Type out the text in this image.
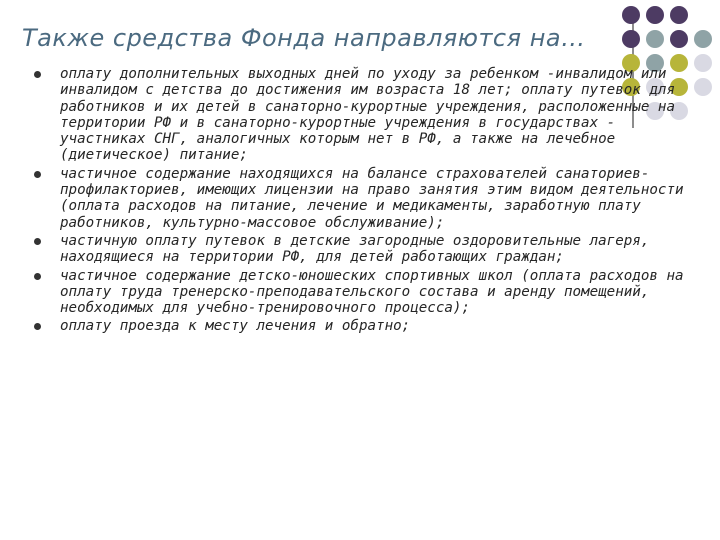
Также средства Фонда направляются на…
оплату дополнительных выходных дней по уходу за ребенком -инвалидом или инвалидом с детства до достижения им возраста 18 лет; оплату путевок для работников и их детей в санаторно-курортные учреждения, расположенные на территории РФ и в санаторно-курортные учреждения в государствах - участниках СНГ, аналогичных которым нет в РФ, а также на лечебное (диетическое) питание;
частичное содержание находящихся на балансе страхователей санаториев-профилакториев, имеющих лицензии на право занятия этим видом деятельности (оплата расходов на питание, лечение и медикаменты, заработную плату работников, культурно-массовое обслуживание);
частичную оплату путевок в детские загородные оздоровительные лагеря, находящиеся на территории РФ, для детей работающих граждан;
частичное содержание детско-юношеских спортивных школ (оплата расходов на оплату труда тренерско-преподавательского состава и аренду помещений, необходимых для учебно-тренировочного процесса);
оплату проезда к месту лечения и обратно;
